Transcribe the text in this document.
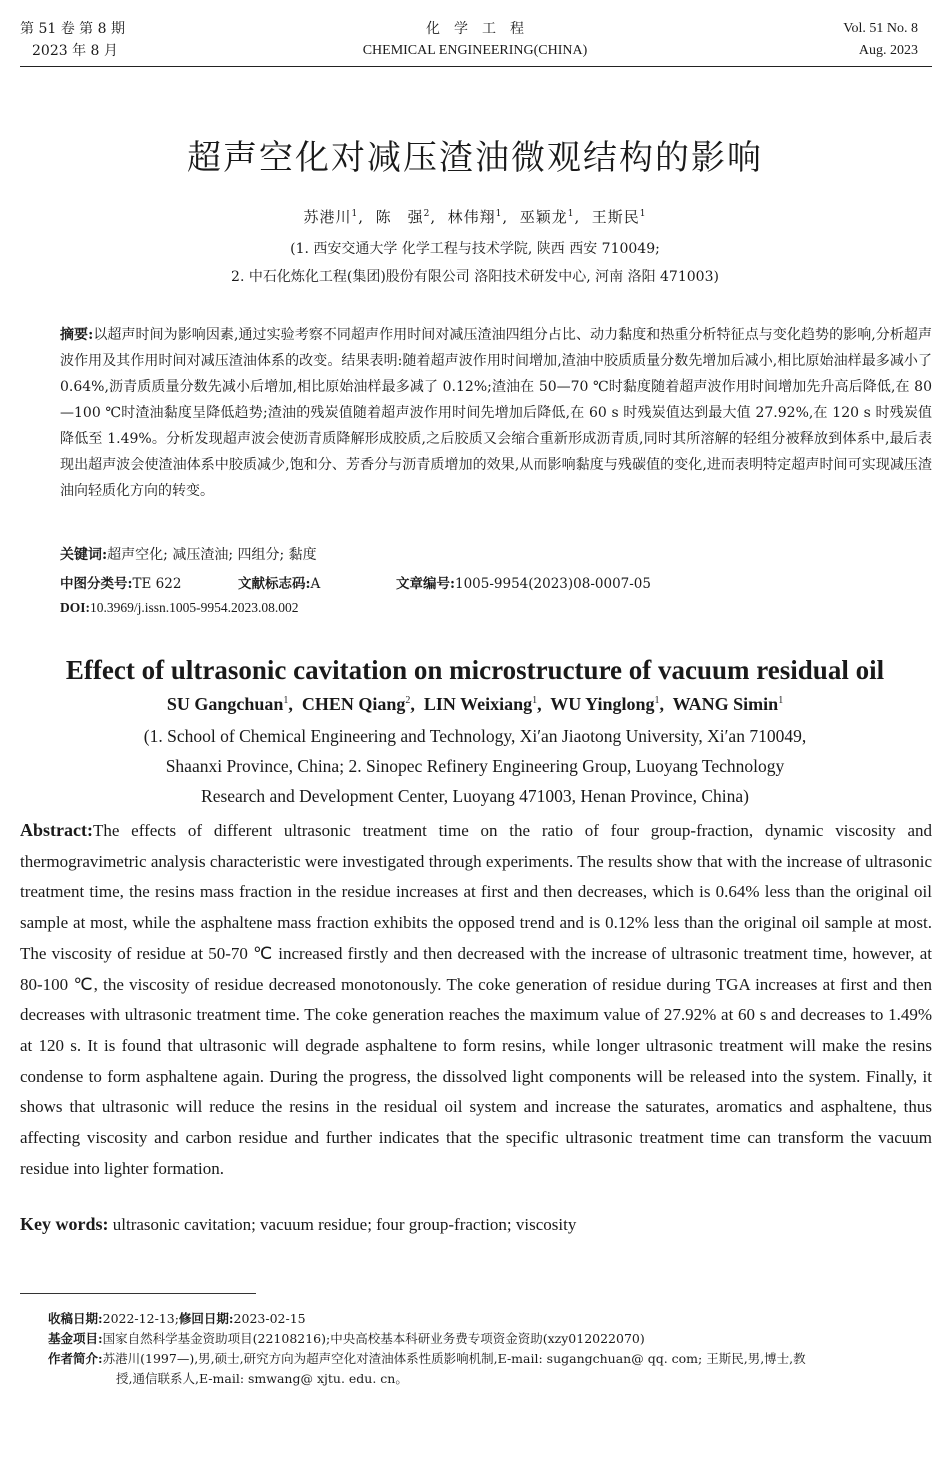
第 51 卷 第 8 期
2023 年 8 月
化学工程
CHEMICAL ENGINEERING(CHINA)
Vol. 51 No. 8
Aug. 2023
超声空化对减压渣油微观结构的影响
苏港川$^1$,  陈　强$^2$,  林伟翔$^1$,  巫颖龙$^1$,  王斯民$^1$
(1. 西安交通大学 化学工程与技术学院, 陕西 西安 710049;
2. 中石化炼化工程(集团)股份有限公司 洛阳技术研发中心, 河南 洛阳 471003)
摘要:以超声时间为影响因素,通过实验考察不同超声作用时间对减压渣油四组分占比、动力黏度和热重分析特征点与变化趋势的影响,分析超声波作用及其作用时间对减压渣油体系的改变。结果表明:随着超声波作用时间增加,渣油中胶质质量分数先增加后减小,相比原始油样最多减小了 0.64%,沥青质质量分数先减小后增加,相比原始油样最多减了 0.12%;渣油在 50—70 ℃时黏度随着超声波作用时间增加先升高后降低,在 80—100 ℃时渣油黏度呈降低趋势;渣油的残炭值随着超声波作用时间先增加后降低,在 60 s 时残炭值达到最大值 27.92%,在 120 s 时残炭值降低至 1.49%。分析发现超声波会使沥青质降解形成胶质,之后胶质又会缩合重新形成沥青质,同时其所溶解的轻组分被释放到体系中,最后表现出超声波会使渣油体系中胶质减少,饱和分、芳香分与沥青质增加的效果,从而影响黏度与残碳值的变化,进而表明特定超声时间可实现减压渣油向轻质化方向的转变。
关键词:超声空化; 减压渣油; 四组分; 黏度
中图分类号:TE 622	文献标志码:A	文章编号:1005-9954(2023)08-0007-05
DOI:10.3969/j.issn.1005-9954.2023.08.002
Effect of ultrasonic cavitation on microstructure of vacuum residual oil
SU Gangchuan$^1$,  CHEN Qiang$^2$,  LIN Weixiang$^1$,  WU Yinglong$^1$,  WANG Simin$^1$
(1. School of Chemical Engineering and Technology, Xi′an Jiaotong University, Xi′an 710049,
Shaanxi Province, China; 2. Sinopec Refinery Engineering Group, Luoyang Technology
Research and Development Center, Luoyang 471003, Henan Province, China)
Abstract:The effects of different ultrasonic treatment time on the ratio of four group-fraction, dynamic viscosity and thermogravimetric analysis characteristic were investigated through experiments. The results show that with the increase of ultrasonic treatment time, the resins mass fraction in the residue increases at first and then decreases, which is 0.64% less than the original oil sample at most, while the asphaltene mass fraction exhibits the opposed trend and is 0.12% less than the original oil sample at most. The viscosity of residue at 50-70 ℃ increased firstly and then decreased with the increase of ultrasonic treatment time, however, at 80-100 ℃, the viscosity of residue decreased monotonously. The coke generation of residue during TGA increases at first and then decreases with ultrasonic treatment time. The coke generation reaches the maximum value of 27.92% at 60 s and decreases to 1.49% at 120 s. It is found that ultrasonic will degrade asphaltene to form resins, while longer ultrasonic treatment will make the resins condense to form asphaltene again. During the progress, the dissolved light components will be released into the system. Finally, it shows that ultrasonic will reduce the resins in the residual oil system and increase the saturates, aromatics and asphaltene, thus affecting viscosity and carbon residue and further indicates that the specific ultrasonic treatment time can transform the vacuum residue into lighter formation.
Key words: ultrasonic cavitation; vacuum residue; four group-fraction; viscosity
收稿日期:2022-12-13;修回日期:2023-02-15
基金项目:国家自然科学基金资助项目(22108216);中央高校基本科研业务费专项资金资助(xzy012022070)
作者简介:苏港川(1997—),男,硕士,研究方向为超声空化对渣油体系性质影响机制,E-mail: sugangchuan@ qq. com; 王斯民,男,博士,教
授,通信联系人,E-mail: smwang@ xjtu. edu. cn。
